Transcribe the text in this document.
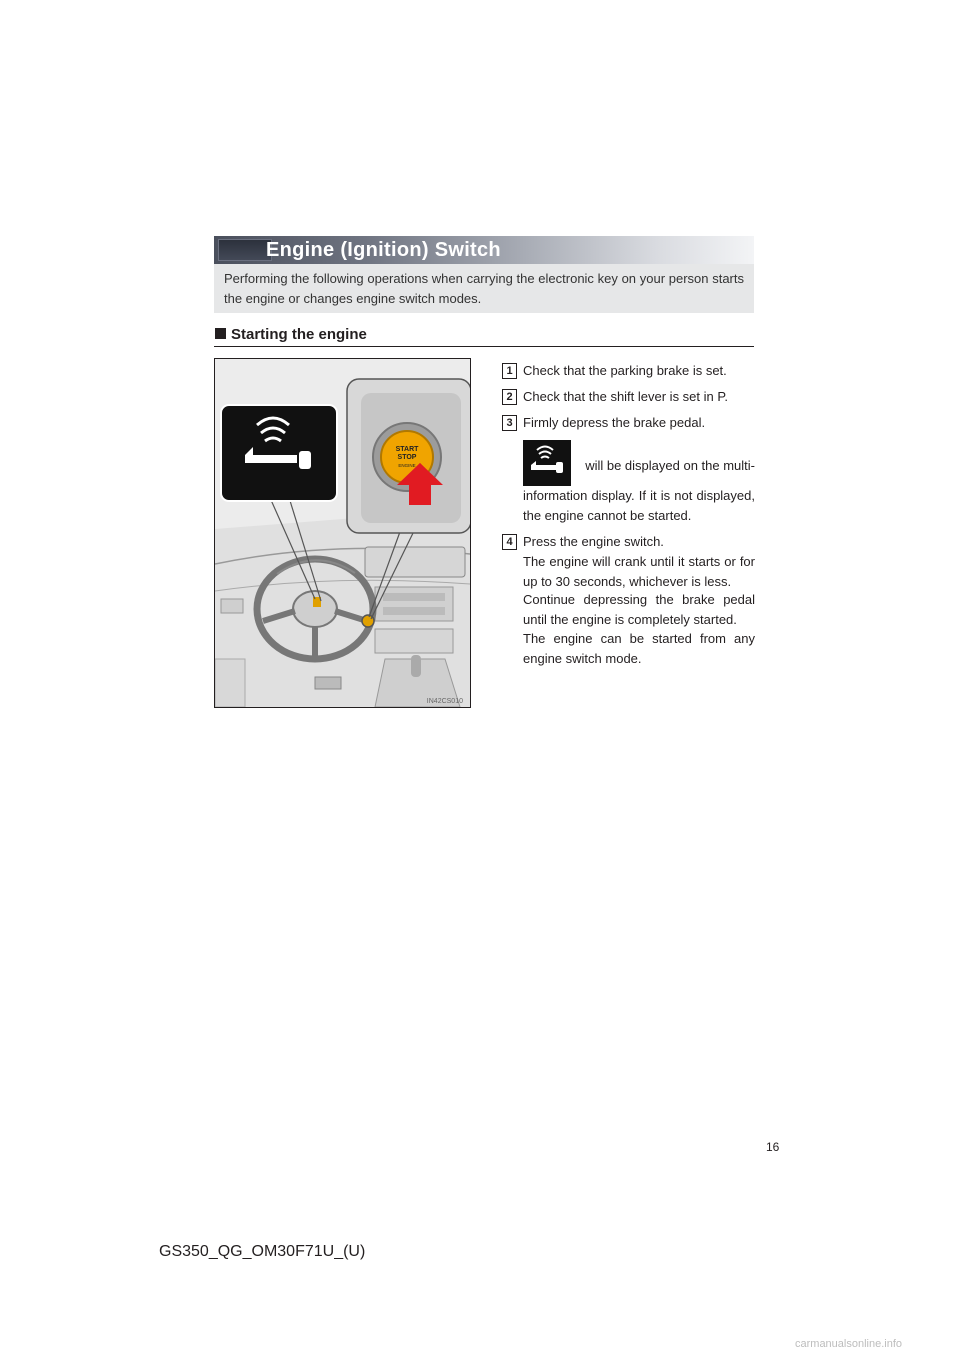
Engine (Ignition) Switch
Performing the following operations when carrying the electronic key on your person starts the engine or changes engine switch modes.
Starting the engine
START
STOP
ENGINE
IN42CS010
1
2
3
4
Check that the parking brake is set.
Check that the shift lever is set in P.
Firmly depress the brake pedal.
will be displayed on the multi-
information display. If it is not displayed, the engine cannot be started.
Press the engine switch.
The engine will crank until it starts or for up to 30 seconds, whichever is less.
Continue depressing the brake pedal until the engine is completely started.
The engine can be started from any engine switch mode.
16
GS350_QG_OM30F71U_(U)
carmanualsonline.info
